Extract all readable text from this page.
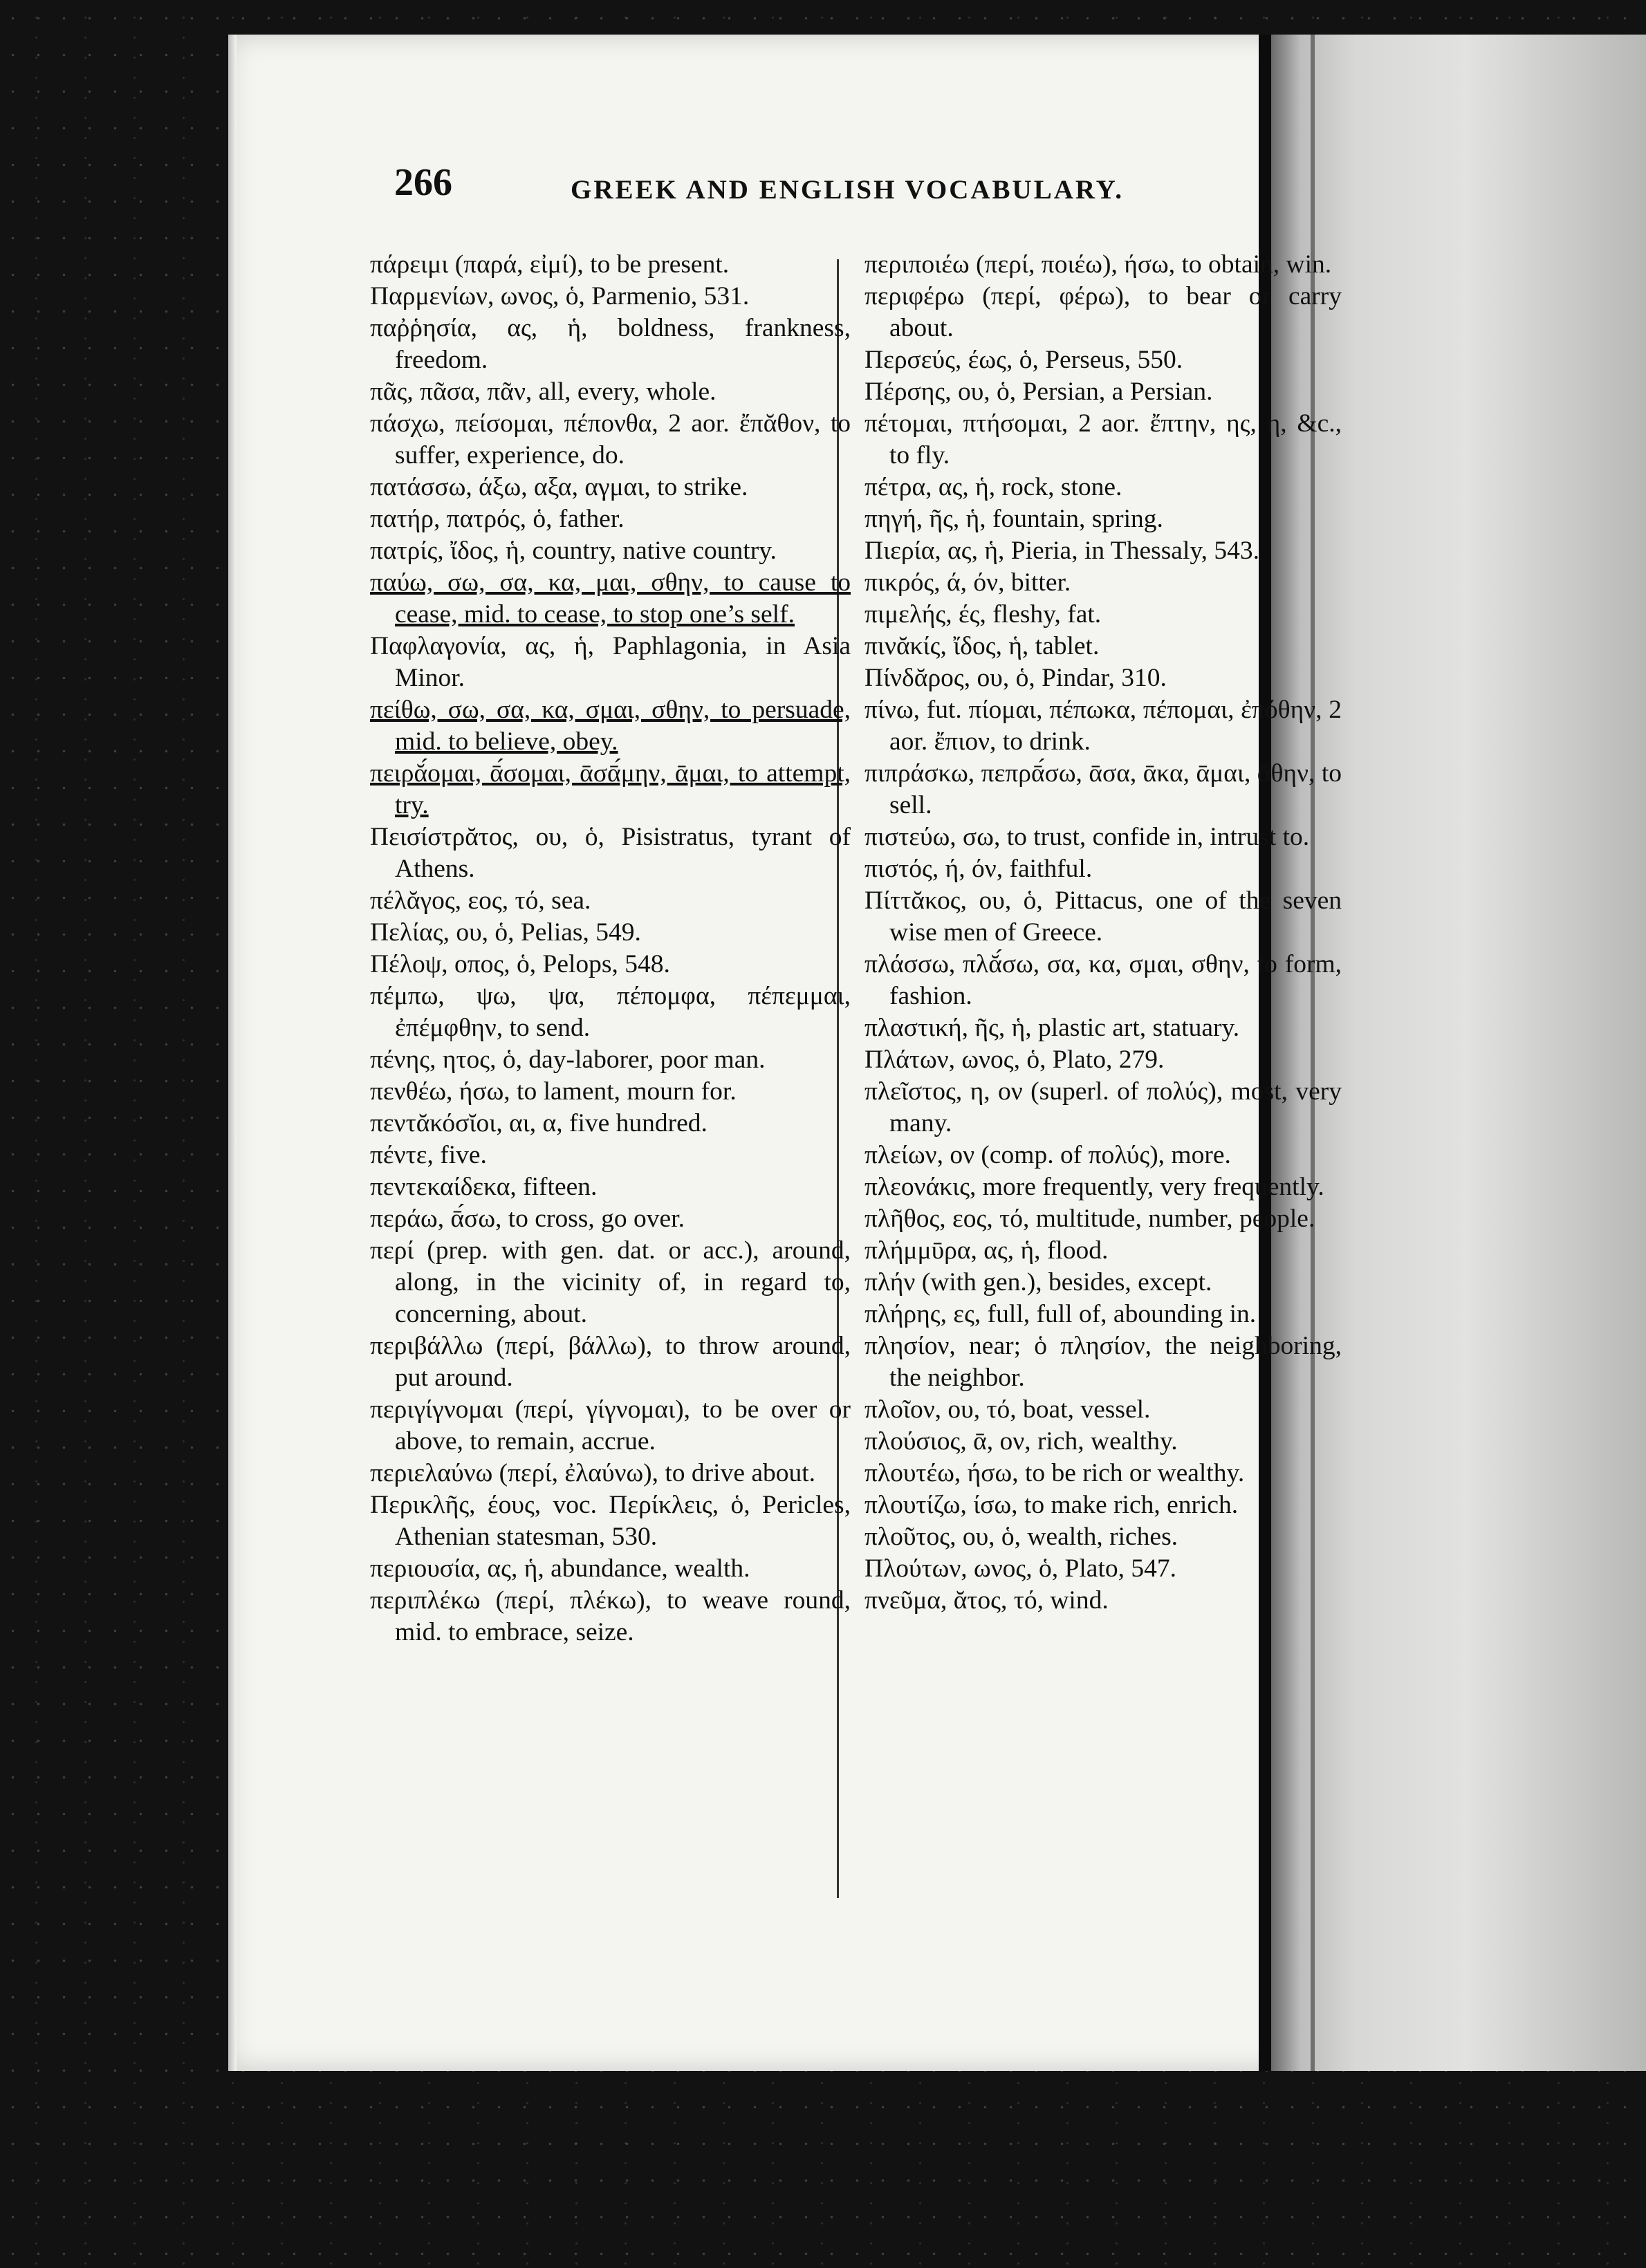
266	GREEK AND ENGLISH VOCABULARY.

πάρειμι (παρά, εἰμί), to be present.

Παρμενίων, ωνος, ὁ, Parmenio, 531.

παῤῥησία, ας, ἡ, boldness, frankness, freedom.

πᾶς, πᾶσα, πᾶν, all, every, whole.

πάσχω, πείσομαι, πέπονθα, 2 aor. ἔπᾰθον, to suffer, experience, do.

πατάσσω, άξω, αξα, αγμαι, to strike.

πατήρ, πατρός, ὁ, father.

πατρίς, ἴδος, ἡ, country, native country.

παύω, σω, σα, κα, μαι, σθην, to cause to cease, mid. to cease, to stop one’s self.

Παφλαγονία, ας, ἡ, Paphlagonia, in Asia Minor.

πείθω, σω, σα, κα, σμαι, σθην, to persuade, mid. to believe, obey.

πειρᾰ́ομαι, ᾱ́σομαι, ᾱσᾱ́μην, ᾱμαι, to attempt, try.

Πεισίστρᾰτος, ου, ὁ, Pisistratus, tyrant of Athens.

πέλᾰγος, εος, τό, sea.

Πελίας, ου, ὁ, Pelias, 549.

Πέλοψ, οπος, ὁ, Pelops, 548.

πέμπω, ψω, ψα, πέπομφα, πέπεμμαι, ἐπέμφθην, to send.

πένης, ητος, ὁ, day-laborer, poor man.

πενθέω, ήσω, to lament, mourn for.

πεντᾰκόσῐοι, αι, α, five hundred.

πέντε, five.

πεντεκαίδεκα, fifteen.

περάω, ᾱ́σω, to cross, go over.

περί (prep. with gen. dat. or acc.), around, along, in the vicinity of, in regard to, concerning, about.

περιβάλλω (περί, βάλλω), to throw around, put around.

περιγίγνομαι (περί, γίγνομαι), to be over or above, to remain, accrue.

περιελαύνω (περί, ἐλαύνω), to drive about.

Περικλῆς, έους, voc. Περίκλεις, ὁ, Pericles, Athenian statesman, 530.

περιουσία, ας, ἡ, abundance, wealth.

περιπλέκω (περί, πλέκω), to weave round, mid. to embrace, seize.

περιποιέω (περί, ποιέω), ήσω, to obtain, win.

περιφέρω (περί, φέρω), to bear or carry about.

Περσεύς, έως, ὁ, Perseus, 550.

Πέρσης, ου, ὁ, Persian, a Persian.

πέτομαι, πτήσομαι, 2 aor. ἔπτην, ης, η, &c., to fly.

πέτρα, ας, ἡ, rock, stone.

πηγή, ῆς, ἡ, fountain, spring.

Πιερία, ας, ἡ, Pieria, in Thessaly, 543.

πικρός, ά, όν, bitter.

πιμελής, ές, fleshy, fat.

πινᾰκίς, ἴδος, ἡ, tablet.

Πίνδᾰρος, ου, ὁ, Pindar, 310.

πίνω, fut. πίομαι, πέπωκα, πέπομαι, ἐπόθην, 2 aor. ἔπιον, to drink.

πιπράσκω, πεπρᾱ́σω, ᾱσα, ᾱκα, ᾱμαι, ᾱθην, to sell.

πιστεύω, σω, to trust, confide in, intrust to.

πιστός, ή, όν, faithful.

Πίττᾰκος, ου, ὁ, Pittacus, one of the seven wise men of Greece.

πλάσσω, πλᾰ́σω, σα, κα, σμαι, σθην, to form, fashion.

πλαστική, ῆς, ἡ, plastic art, statuary.

Πλάτων, ωνος, ὁ, Plato, 279.

πλεῖστος, η, ον (superl. of πολύς), most, very many.

πλείων, ον (comp. of πολύς), more.

πλεονάκις, more frequently, very frequently.

πλῆθος, εος, τό, multitude, number, people.

πλήμμῡρα, ας, ἡ, flood.

πλήν (with gen.), besides, except.

πλήρης, ες, full, full of, abounding in.

πλησίον, near; ὁ πλησίον, the neighboring, the neighbor.

πλοῖον, ου, τό, boat, vessel.

πλούσιος, ᾱ, ον, rich, wealthy.

πλουτέω, ήσω, to be rich or wealthy.

πλουτίζω, ίσω, to make rich, enrich.

πλοῦτος, ου, ὁ, wealth, riches.

Πλούτων, ωνος, ὁ, Plato, 547.

πνεῦμα, ᾰτος, τό, wind.
